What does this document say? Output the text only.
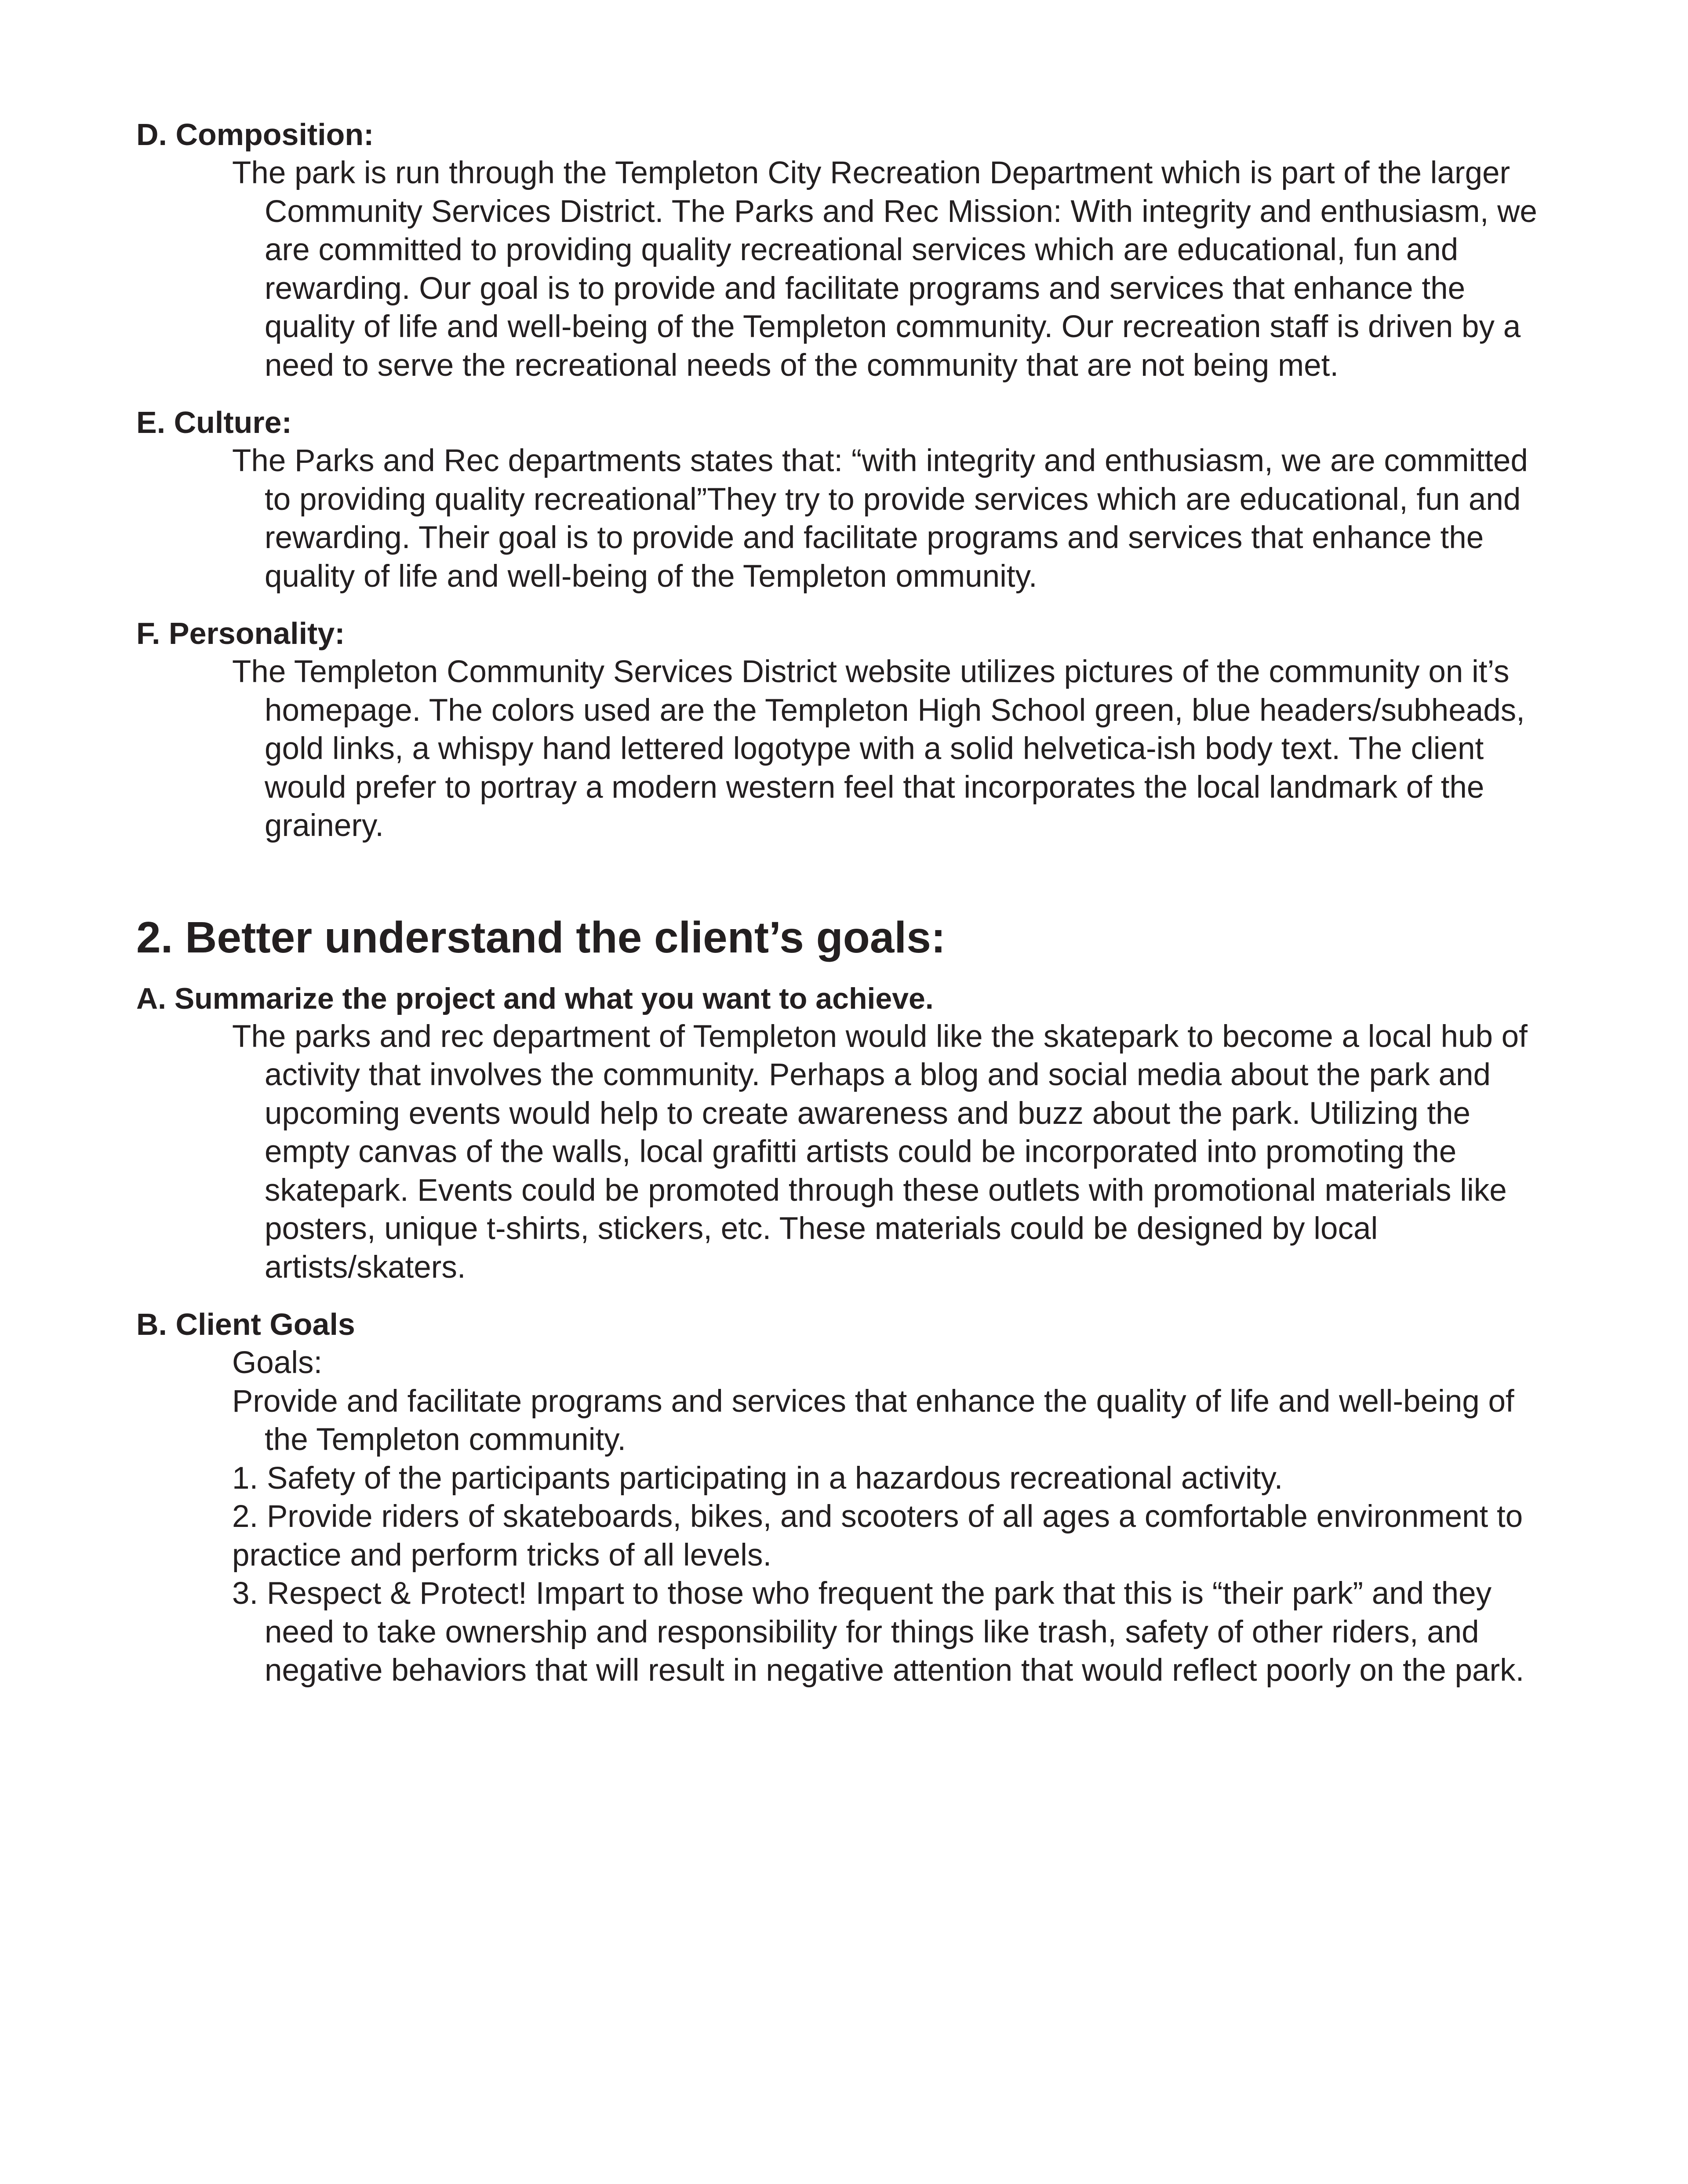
D. Composition:

The park is run through the Templeton City Recreation Department which is part of the larger Community Services District. The Parks and Rec Mission: With integrity and enthusiasm, we are committed to providing quality recreational services which are educational, fun and rewarding. Our goal is to provide and facilitate programs and services that enhance the quality of life and well-being of the Templeton community. Our recreation staff is driven by a need to serve the recreational needs of the community that are not being met.

E. Culture:

The Parks and Rec departments states that: “with integrity and enthusiasm, we are committed to providing quality recreational”They try to provide services which are educational, fun and rewarding. Their goal is to provide and facilitate programs and services that enhance the quality of life and well-being of the Templeton ommunity.

F. Personality:

The Templeton Community Services District website utilizes pictures of the community on it’s homepage. The colors used are the Templeton High School green, blue headers/subheads, gold links, a whispy hand lettered logotype with a solid helvetica-ish body text. The client would prefer to portray a modern western feel that incorporates the local landmark of the grainery.

2. Better understand the client’s goals:

A. Summarize the project and what you want to achieve.

The parks and rec department of Templeton would like the skatepark to become a local hub of activity that involves the community. Perhaps a blog and social media about the park and upcoming events would help to create awareness and buzz about the park. Utilizing the empty canvas of the walls, local grafitti artists could be incorporated into promoting the skatepark. Events could be promoted through these outlets with promotional materials like posters, unique t-shirts, stickers, etc. These materials could be designed by local artists/skaters.

B. Client Goals

Goals:

Provide and facilitate programs and services that enhance the quality of life and well-being of the Templeton community.

1. Safety of the participants participating in a hazardous recreational activity.

2. Provide riders of skateboards, bikes, and scooters of all ages a comfortable environment to practice and perform tricks of all levels.

3. Respect & Protect! Impart to those who frequent the park that this is “their park” and they need to take ownership and responsibility for things like trash, safety of other riders, and negative behaviors that will result in negative attention that would reflect poorly on the park.
